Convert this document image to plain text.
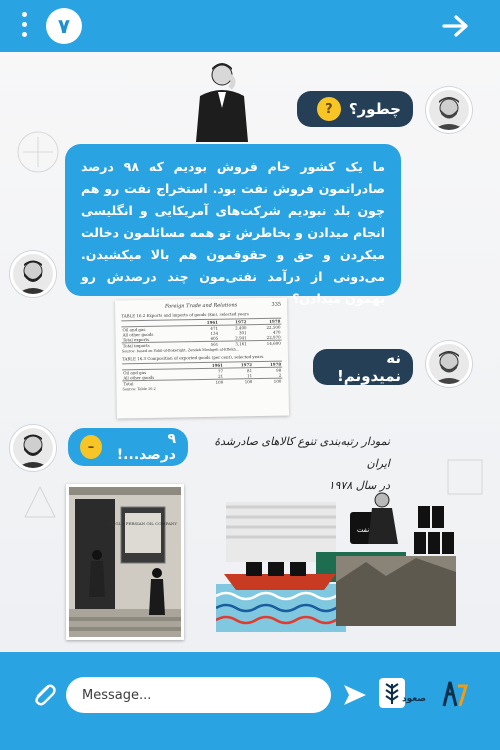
۷
چطور؟
?
ما یک کشور خام فروش بودیم که ۹۸ درصد صادراتمون فروش نفت بود. استخراج نفت رو هم چون بلد نبودیم شرکت‌های آمریکایی و انگلیسی انجام میدادن و بخاطرش تو همه مسائلمون دخالت میکردن و حق و حقوقمون هم بالا میکشیدن. می‌دونی از درآمد نفتی‌مون چند درصدش رو بهمون میدادن؟
Foreign Trade and Relations	335
TABLE 16.2 Exports and imports of goods ($m), selected years
	1961	1972	1978
Oil and gas	471	2,400	22,500
All other goods	134	301	470
Total exports	605	2,941	22,970
Total imports	561	3,161	14,600
Source: based on Vakil-ul-Bakeright, Zendeh Moshgeli al-Eftekh...
TABLE 16.3 Composition of exported goods (per cent), selected years
	1961	1972	1978
Oil and gas	77	81	98
All other goods	21	11	2
Total	100	100	100
Source: Table 16.2
نه نمیدونم!
۹ درصد...!
–	نمودار رتبه‌بندی تنوع کالاهای صادرشدهٔ ایران
در سال ۱۹۷۸
ANGLO PERSIAN OIL COMPANY
نفت
Message...
صعود
